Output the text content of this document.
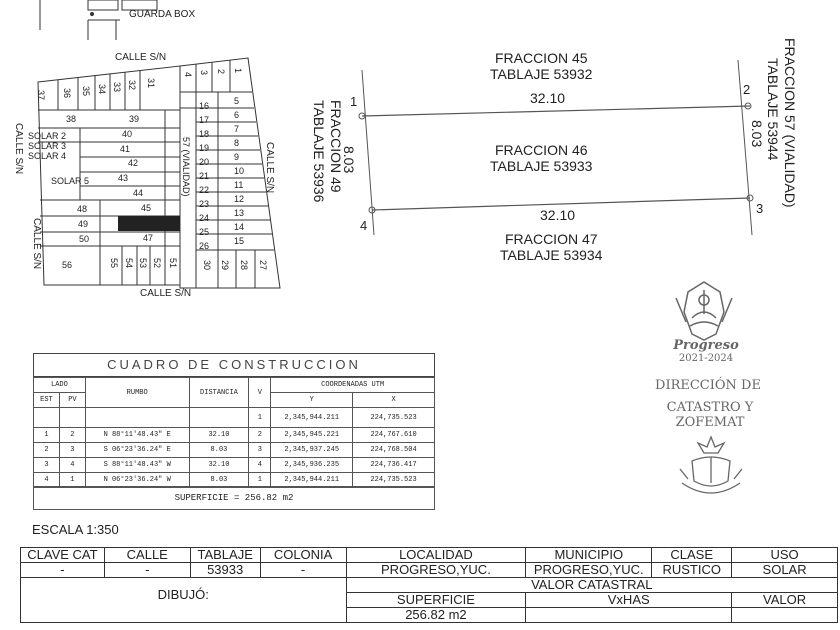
GUARDA BOX
CALLE S/N
CALLE S/N
CALLE S/N
CALLE S/N
CALLE S/N
57 (VIALIDAD)
37 36 35 34 33 32 31
4 3 2 1
38	39
40
41
42
43
44
45
47
48
49
50
SOLAR 2
SOLAR 3
SOLAR 4
SOLAR 5
16
17
18
19
20
21
22
23
24
25
26
5
6
7
8
9
10
11
12
13
14
15
56	55 54 53 52 51	30 29 28 27
FRACCION 45
TABLAJE 53932
32.10
FRACCION 46
TABLAJE 53933
32.10
FRACCION 47
TABLAJE 53934
8.03
FRACCION 49
TABLAJE 53936	8.03 FRACCION 57 (VIALIDAD)
TABLAJE 53944
1
2
3
4
Progreso
2021-2024
DIRECCIÓN DE
CATASTRO Y ZOFEMAT
CUADRO DE CONSTRUCCION
LADO		RUMBO	DISTANCIA	V	COORDENADAS UTM	
EST	PV				Y	X
				1	2,345,944.211	224,735.523
1	2	N 88°11'48.43" E	32.10	2	2,345,945.221	224,767.610
2	3	S 06°23'36.24" E	8.03	3	2,345,937.245	224,768.504
3	4	S 88°11'48.43" W	32.10	4	2,345,936.235	224,736.417
4	1	N 06°23'36.24" W	8.03	1	2,345,944.211	224,735.523
SUPERFICIE = 256.82 m2
ESCALA 1:350
CLAVE CAT	CALLE	TABLAJE	COLONIA	LOCALIDAD	MUNICIPIO	CLASE	USO
-	-	53933	-	PROGRESO,YUC.	PROGRESO,YUC.	RUSTICO	SOLAR
DIBUJÓ:				VALOR CATASTRAL			
				SUPERFICIE	VxHAS		VALOR
				256.82 m2			
